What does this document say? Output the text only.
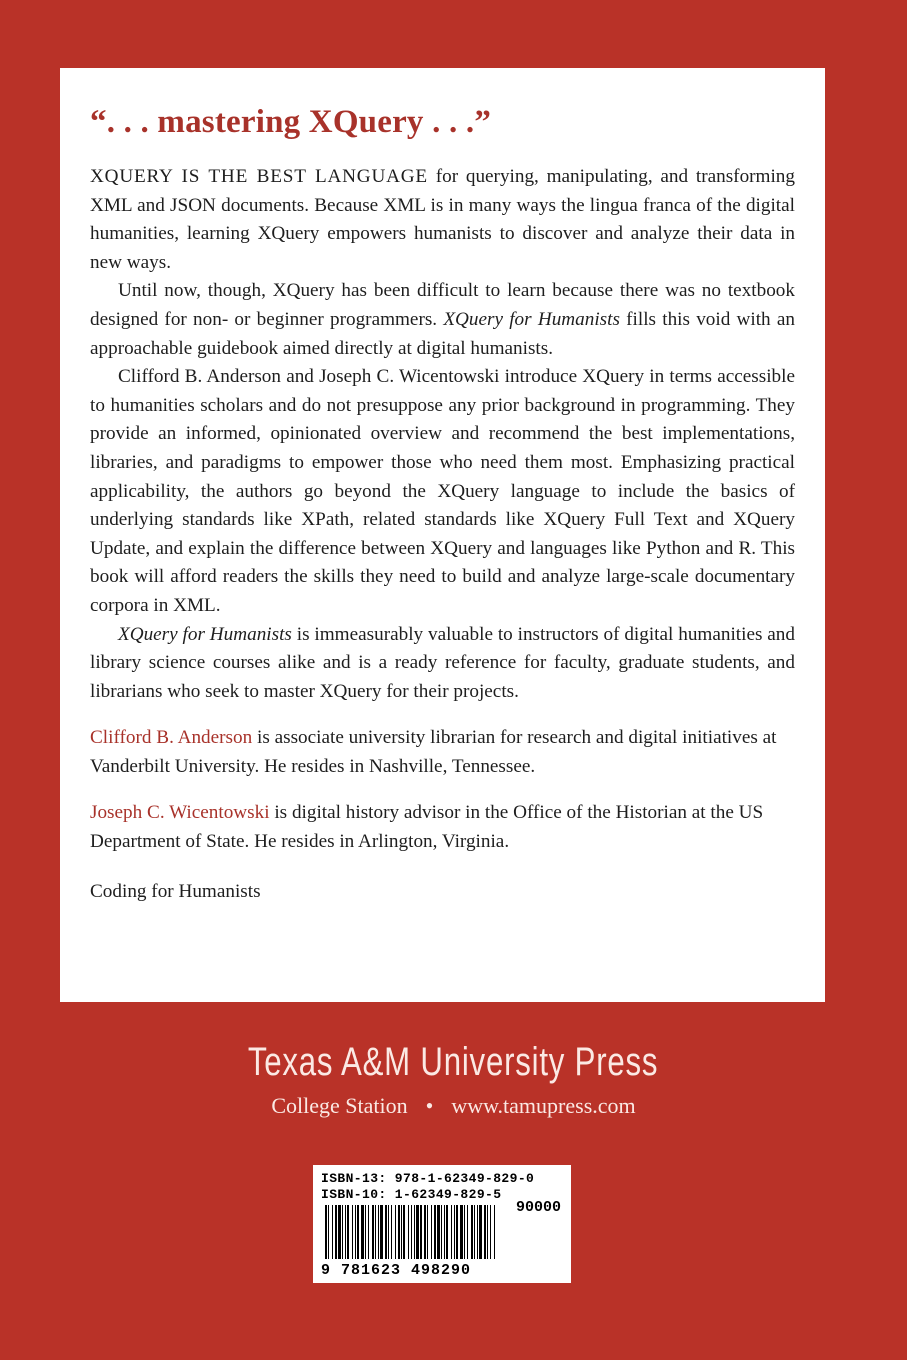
“. . . mastering XQuery . . .”

XQUERY IS THE BEST LANGUAGE for querying, manipulating, and transforming XML and JSON documents. Because XML is in many ways the lingua franca of the digital humanities, learning XQuery empowers humanists to discover and analyze their data in new ways.

Until now, though, XQuery has been difficult to learn because there was no textbook designed for non- or beginner programmers. XQuery for Humanists fills this void with an approachable guidebook aimed directly at digital humanists.

Clifford B. Anderson and Joseph C. Wicentowski introduce XQuery in terms accessible to humanities scholars and do not presuppose any prior background in programming. They provide an informed, opinionated overview and recommend the best implementations, libraries, and paradigms to empower those who need them most. Emphasizing practical applicability, the authors go beyond the XQuery language to include the basics of underlying standards like XPath, related standards like XQuery Full Text and XQuery Update, and explain the difference between XQuery and languages like Python and R. This book will afford readers the skills they need to build and analyze large-scale documentary corpora in XML.

XQuery for Humanists is immeasurably valuable to instructors of digital humanities and library science courses alike and is a ready reference for faculty, graduate students, and librarians who seek to master XQuery for their projects.

Clifford B. Anderson is associate university librarian for research and digital initiatives at Vanderbilt University. He resides in Nashville, Tennessee.
Joseph C. Wicentowski is digital history advisor in the Office of the Historian at the US Department of State. He resides in Arlington, Virginia.
Coding for Humanists
Texas A&M University Press
College Station • www.tamupress.com
ISBN-13: 978-1-62349-829-0
ISBN-10: 1-62349-829-5
90000
9 781623 498290
